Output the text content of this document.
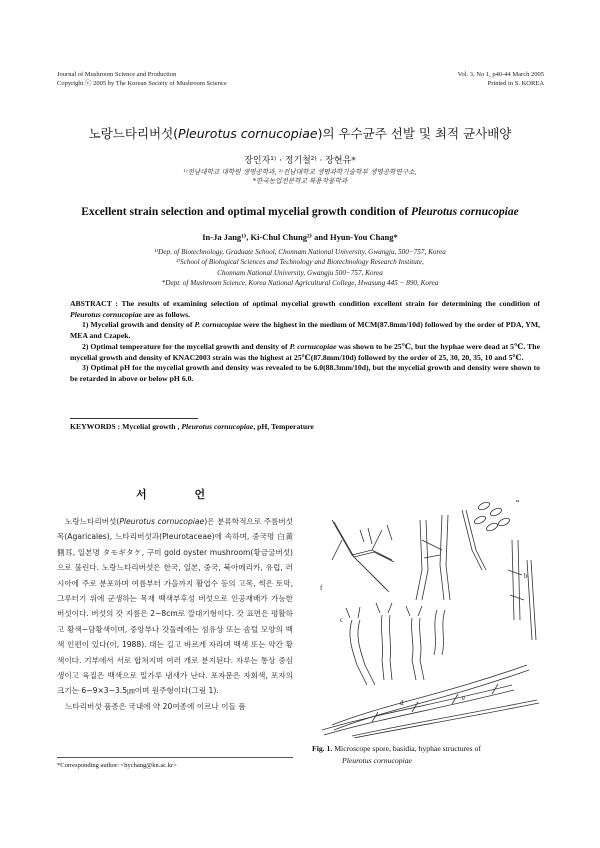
Journal of Mushroom Science and Production
Copyright ⓒ 2005 by The Korean Society of Mushroom Science
Vol. 3, No 1, p40-44 March 2005
Printed in S. KOREA
노랑느타리버섯(Pleurotus cornucopiae)의 우수균주 선발 및 최적 균사배양
장인자¹⁾ · 정기철²⁾ · 장현유*
¹⁾전남대학교 대학원 생명공학과, ²⁾전남대학교 생명과학기술학부 생명공학연구소,
*한국농업전문학교 특용작물학과
Excellent strain selection and optimal mycelial growth condition of Pleurotus cornucopiae
In-Ja Jang¹⁾, Ki-Chul Chung²⁾ and Hyun-You Chang*
¹⁾Dep. of Biotechnology, Graduate School, Chonnam National University, Gwangju, 500−757, Korea
²⁾School of Biological Sciences and Technology and Biotechnology Research Institute,
Chonnam National University, Gwangju 500−757, Korea
*Dept. of Mushroom Science, Korea National Agricultural College, Hwasung 445 − 890, Korea

ABSTRACT : The results of examining selection of optimal mycelial growth condition excellent strain for determining the condition of Pleurotus cornucopiae are as follows.

1) Mycelial growth and density of P. cornucopiae were the highest in the medium of MCM(87.8mm/10d) followed by the order of PDA, YM, MEA and Czapek.

2) Optimal temperature for the mycelial growth and density of P. cornucopiae was shown to be 25℃, but the hyphae were dead at 5℃. The mycelial growth and density of KNAC2003 strain was the highest at 25℃(87.8mm/10d) followed by the order of 25, 30, 20, 35, 10 and 5℃.

3) Optimal pH for the mycelial growth and density was revealed to be 6.0(88.3mm/10d), but the mycelial growth and density were shown to be retarded in above or below pH 6.0.

KEYWORDS : Mycelial growth , Pleurotus cornucopiae, pH, Temperature
서 언

노랑느타리버섯(Pleurotus cornucopiae)은 분류학적으로 주름버섯목(Agaricales), 느타리버섯과(Pleurotaceae)에 속하며, 중국명 白黃側耳, 일본명 タモギタケ, 구미 gold oyster mushroom(황금굴버섯)으로 불린다. 노랑느타리버섯은 한국, 일본, 중국, 북아메리카, 유럽, 러시아에 주로 분포하며 여름부터 가을까지 활엽수 등의 고목, 썩은 토막, 그루터기 위에 군생하는 목재 백색부후성 버섯으로 인공재배가 가능한 버섯이다. 버섯의 갓 지름은 2~8cm로 깔대기형이다. 갓 표면은 평활하고 황색~담황색이며, 중앙부나 갓둘레에는 섬유상 또는 솜털 모양의 백색 인편이 있다(이, 1988). 대는 길고 바르게 자라며 백색 또는 약간 황색이다. 기부에서 서로 합쳐지며 여러 개로 분지된다. 자루는 통상 중심생이고 육질은 백색으로 밀가루 냄새가 난다. 포자문은 자회색, 포자의 크기는 6~9×3~3.5㎛이며 원주형이다(그림 1).

느타리버섯 품종은 국내에 약 20여종에 이르나 이들 품

*Corresponding author: <hychang@kn.ac.kr>
a
f
b
c
e
d
Fig. 1. Microscope spore, basidia, hyphae structures of
Pleurotus cornucopiae
